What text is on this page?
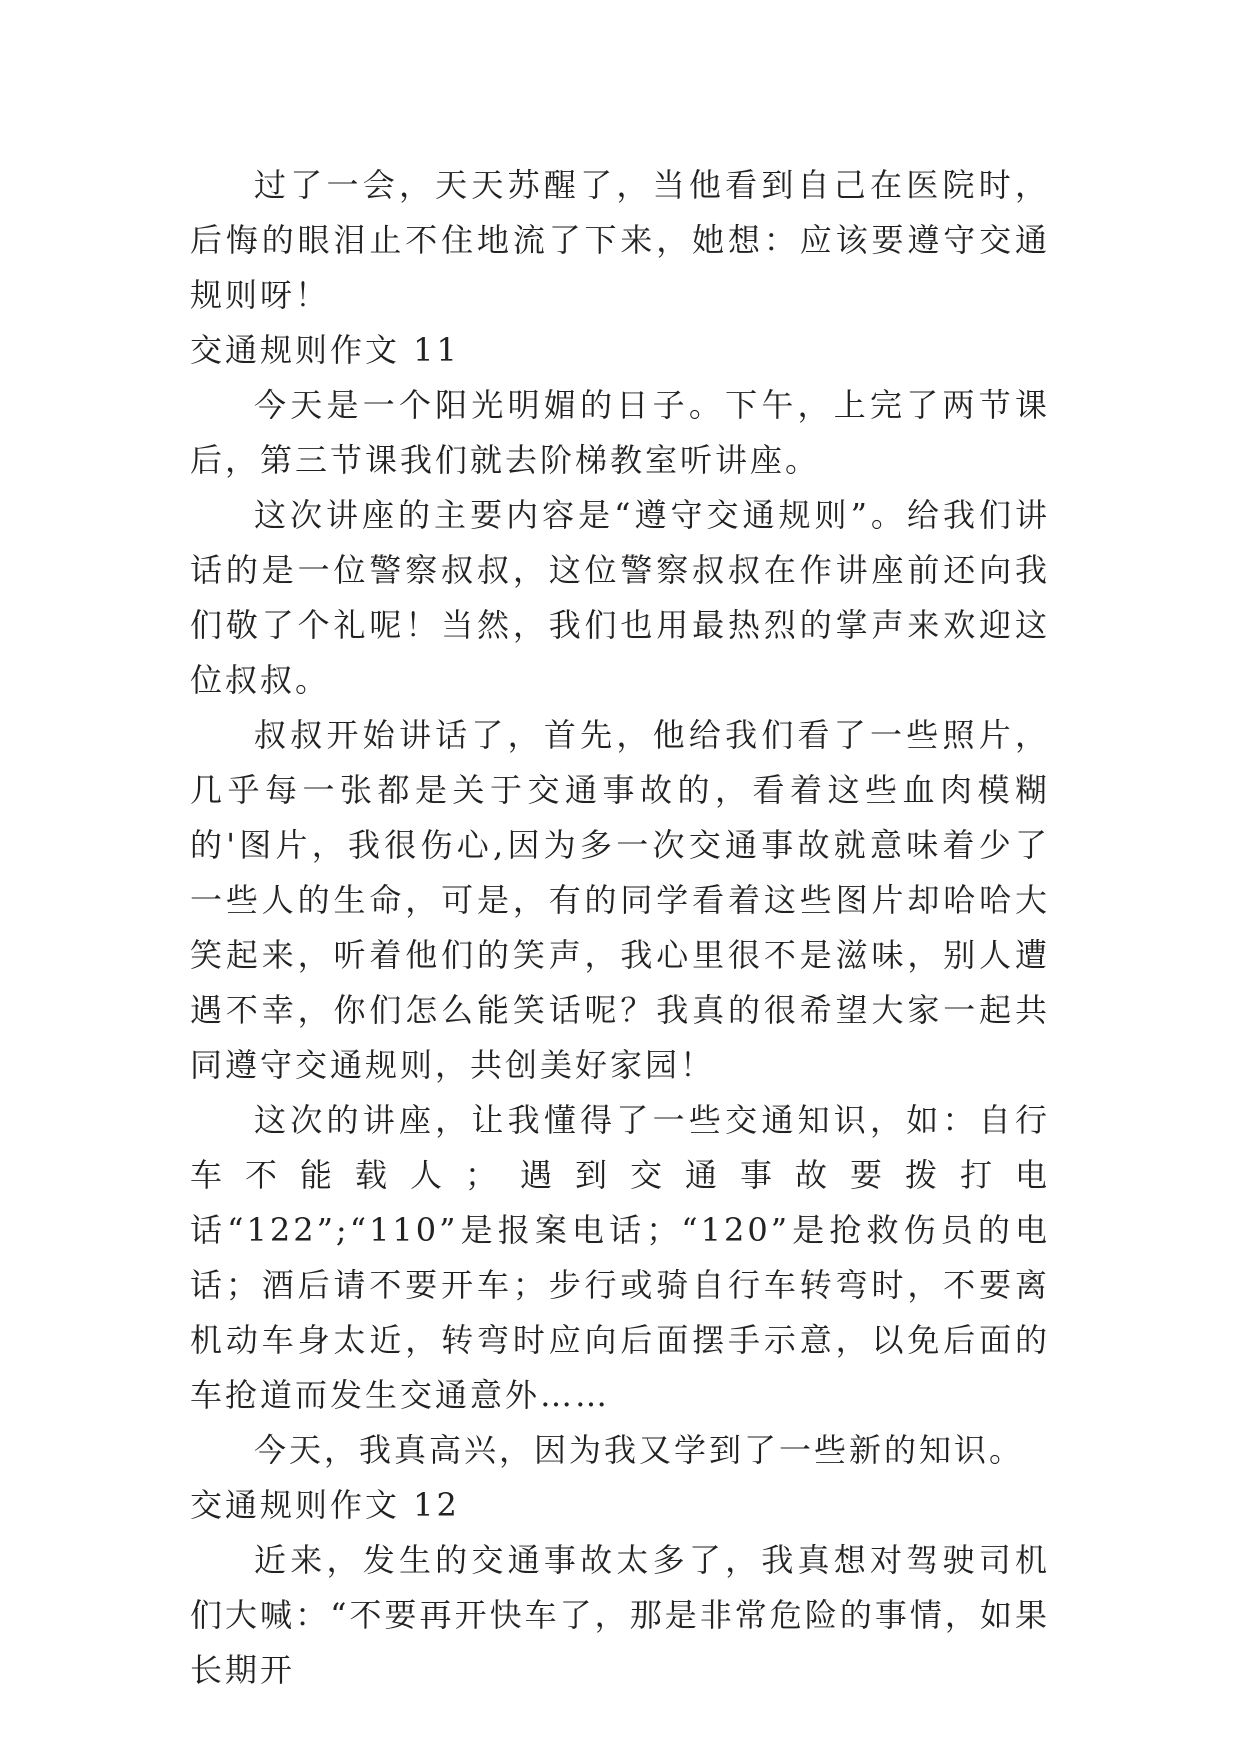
过了一会，天天苏醒了，当他看到自己在医院时，后悔的眼泪止不住地流了下来，她想：应该要遵守交通规则呀！

交通规则作文 11

今天是一个阳光明媚的日子。下午，上完了两节课后，第三节课我们就去阶梯教室听讲座。

这次讲座的主要内容是“遵守交通规则”。给我们讲话的是一位警察叔叔，这位警察叔叔在作讲座前还向我们敬了个礼呢！当然，我们也用最热烈的掌声来欢迎这位叔叔。

叔叔开始讲话了，首先，他给我们看了一些照片，几乎每一张都是关于交通事故的，看着这些血肉模糊的'图片，我很伤心,因为多一次交通事故就意味着少了一些人的生命，可是，有的同学看着这些图片却哈哈大笑起来，听着他们的笑声，我心里很不是滋味，别人遭遇不幸，你们怎么能笑话呢？我真的很希望大家一起共同遵守交通规则，共创美好家园！

这次的讲座，让我懂得了一些交通知识，如：自行车不能载人；遇到交通事故要拨打电话“122”;“110”是报案电话；“120”是抢救伤员的电话；酒后请不要开车；步行或骑自行车转弯时，不要离机动车身太近，转弯时应向后面摆手示意，以免后面的车抢道而发生交通意外……

今天，我真高兴，因为我又学到了一些新的知识。

交通规则作文 12

近来，发生的交通事故太多了，我真想对驾驶司机们大喊：“不要再开快车了，那是非常危险的事情，如果长期开
